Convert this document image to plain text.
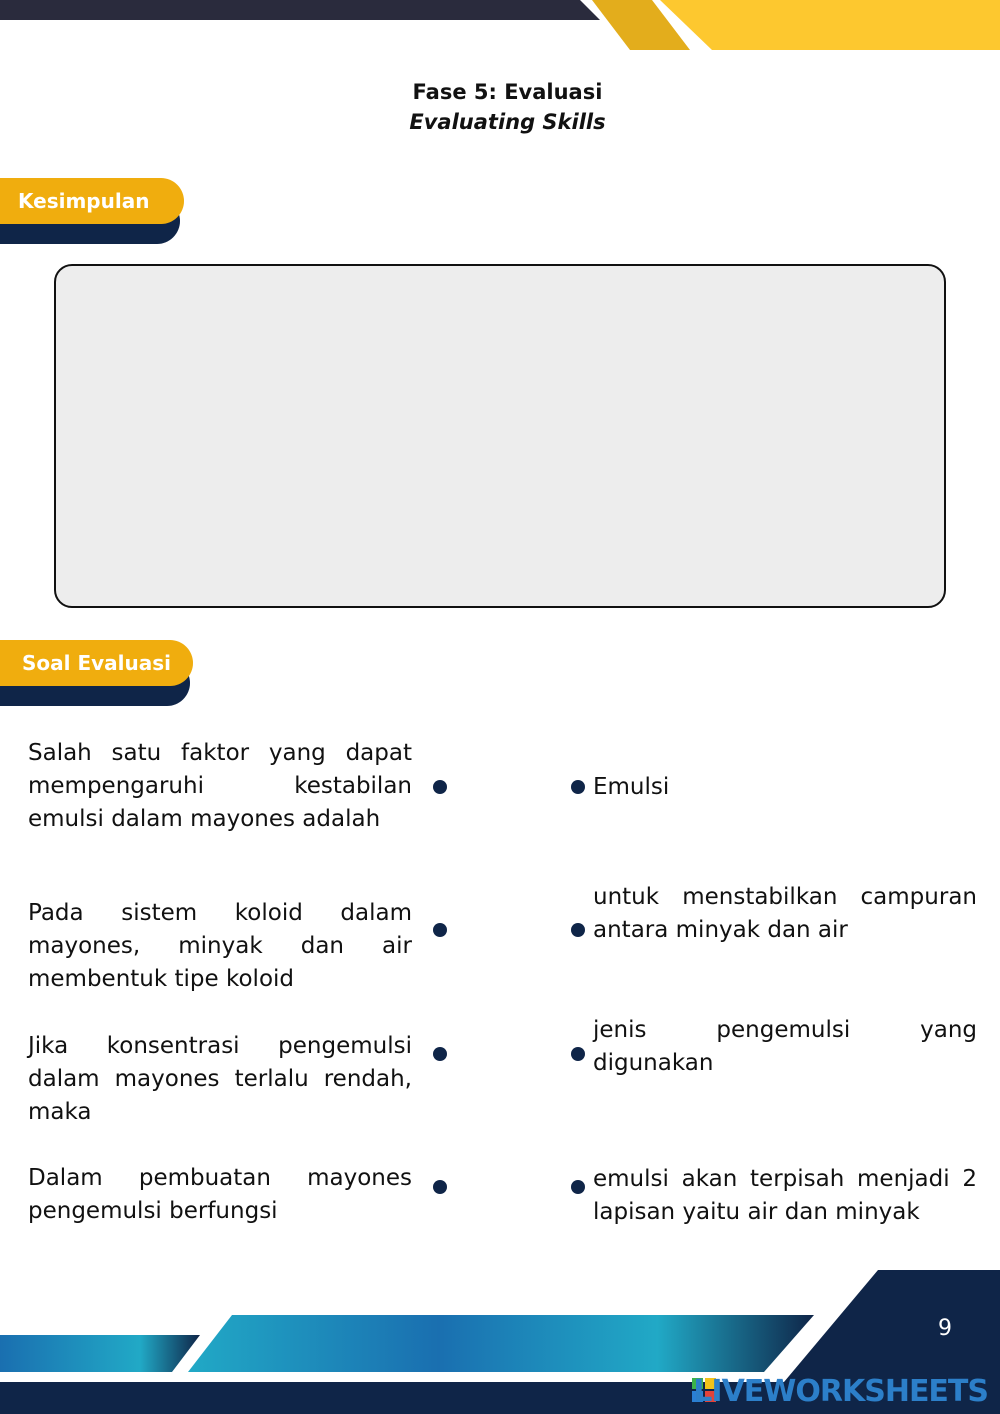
Fase 5: Evaluasi
Evaluating Skills
Kesimpulan
Soal Evaluasi
Salah satu faktor yang dapat mempengaruhi kestabilan emulsi dalam mayones adalah
Pada sistem koloid dalam mayones, minyak dan air membentuk tipe koloid
Jika konsentrasi pengemulsi dalam mayones terlalu rendah, maka
Dalam pembuatan mayones pengemulsi berfungsi
Emulsi
untuk menstabilkan campuran antara minyak dan air
jenis pengemulsi yang digunakan
emulsi akan terpisah menjadi 2 lapisan yaitu air dan minyak
9
LIVEWORKSHEETS
